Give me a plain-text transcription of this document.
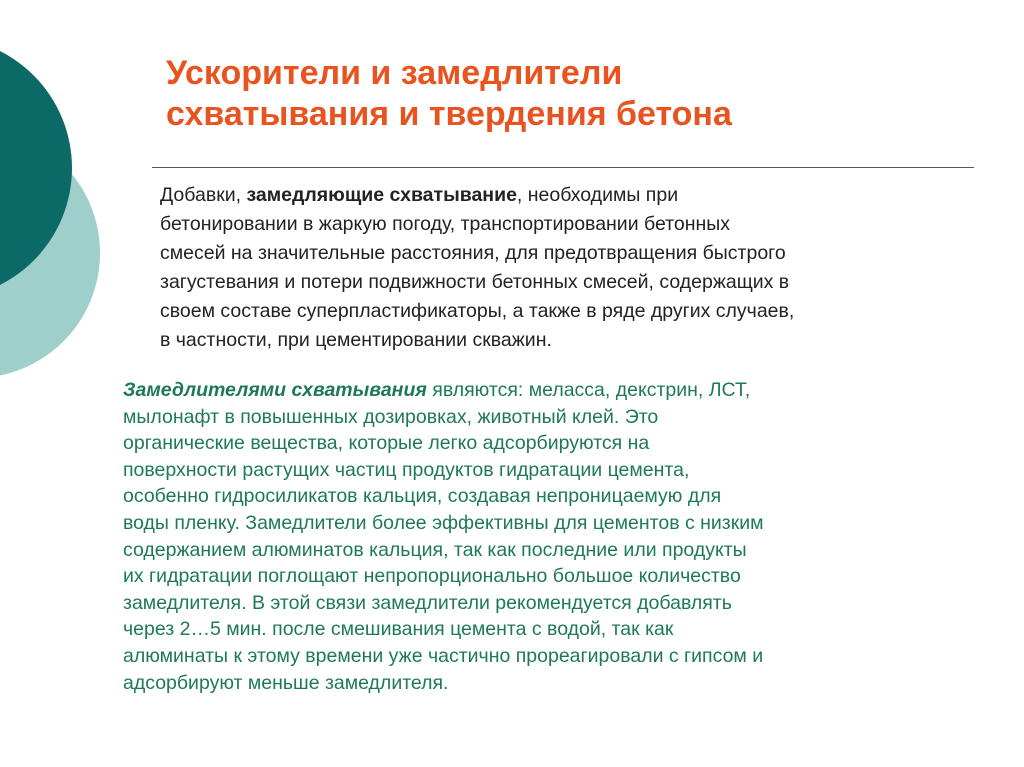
Ускорители и замедлители
схватывания и твердения бетона

Добавки, замедляющие схватывание, необходимы при
бетонировании в жаркую погоду, транспортировании бетонных
смесей на значительные расстояния, для предотвращения быстрого
загустевания и потери подвижности бетонных смесей, содержащих в
своем составе суперпластификаторы, а также в ряде других случаев,
в частности, при цементировании скважин.

Замедлителями схватывания являются: меласса, декстрин, ЛСТ,
мылонафт в повышенных дозировках, животный клей. Это
органические вещества, которые легко адсорбируются на
поверхности растущих частиц продуктов гидратации цемента,
особенно гидросиликатов кальция, создавая непроницаемую для
воды пленку. Замедлители более эффективны для цементов с низким
содержанием алюминатов кальция, так как последние или продукты
их гидратации поглощают непропорционально большое количество
замедлителя. В этой связи замедлители рекомендуется добавлять
через 2…5 мин. после смешивания цемента с водой, так как
алюминаты к этому времени уже частично прореагировали с гипсом и
адсорбируют меньше замедлителя.
